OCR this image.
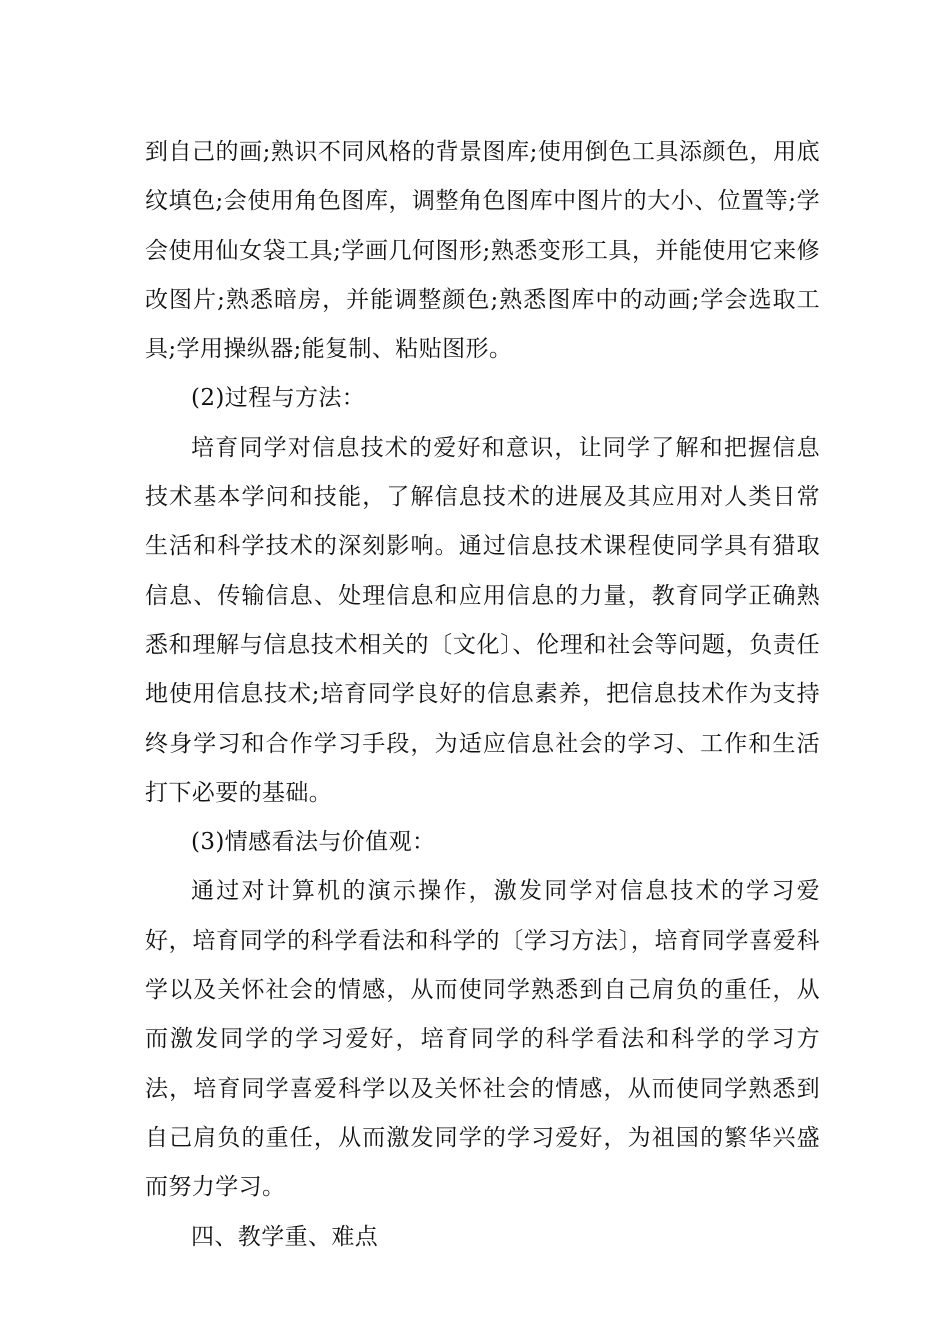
到自己的画;熟识不同风格的背景图库;使用倒色工具添颜色，用底纹填色;会使用角色图库，调整角色图库中图片的大小、位置等;学会使用仙女袋工具;学画几何图形;熟悉变形工具，并能使用它来修改图片;熟悉暗房，并能调整颜色;熟悉图库中的动画;学会选取工具;学用操纵器;能复制、粘贴图形。

(2)过程与方法：

培育同学对信息技术的爱好和意识，让同学了解和把握信息技术基本学问和技能，了解信息技术的进展及其应用对人类日常生活和科学技术的深刻影响。通过信息技术课程使同学具有猎取信息、传输信息、处理信息和应用信息的力量，教育同学正确熟悉和理解与信息技术相关的〔文化〕、伦理和社会等问题，负责任地使用信息技术;培育同学良好的信息素养，把信息技术作为支持终身学习和合作学习手段，为适应信息社会的学习、工作和生活打下必要的基础。

(3)情感看法与价值观：

通过对计算机的演示操作，激发同学对信息技术的学习爱好，培育同学的科学看法和科学的〔学习方法〕，培育同学喜爱科学以及关怀社会的情感，从而使同学熟悉到自己肩负的重任，从而激发同学的学习爱好，培育同学的科学看法和科学的学习方法，培育同学喜爱科学以及关怀社会的情感，从而使同学熟悉到自己肩负的重任，从而激发同学的学习爱好，为祖国的繁华兴盛而努力学习。

四、教学重、难点
